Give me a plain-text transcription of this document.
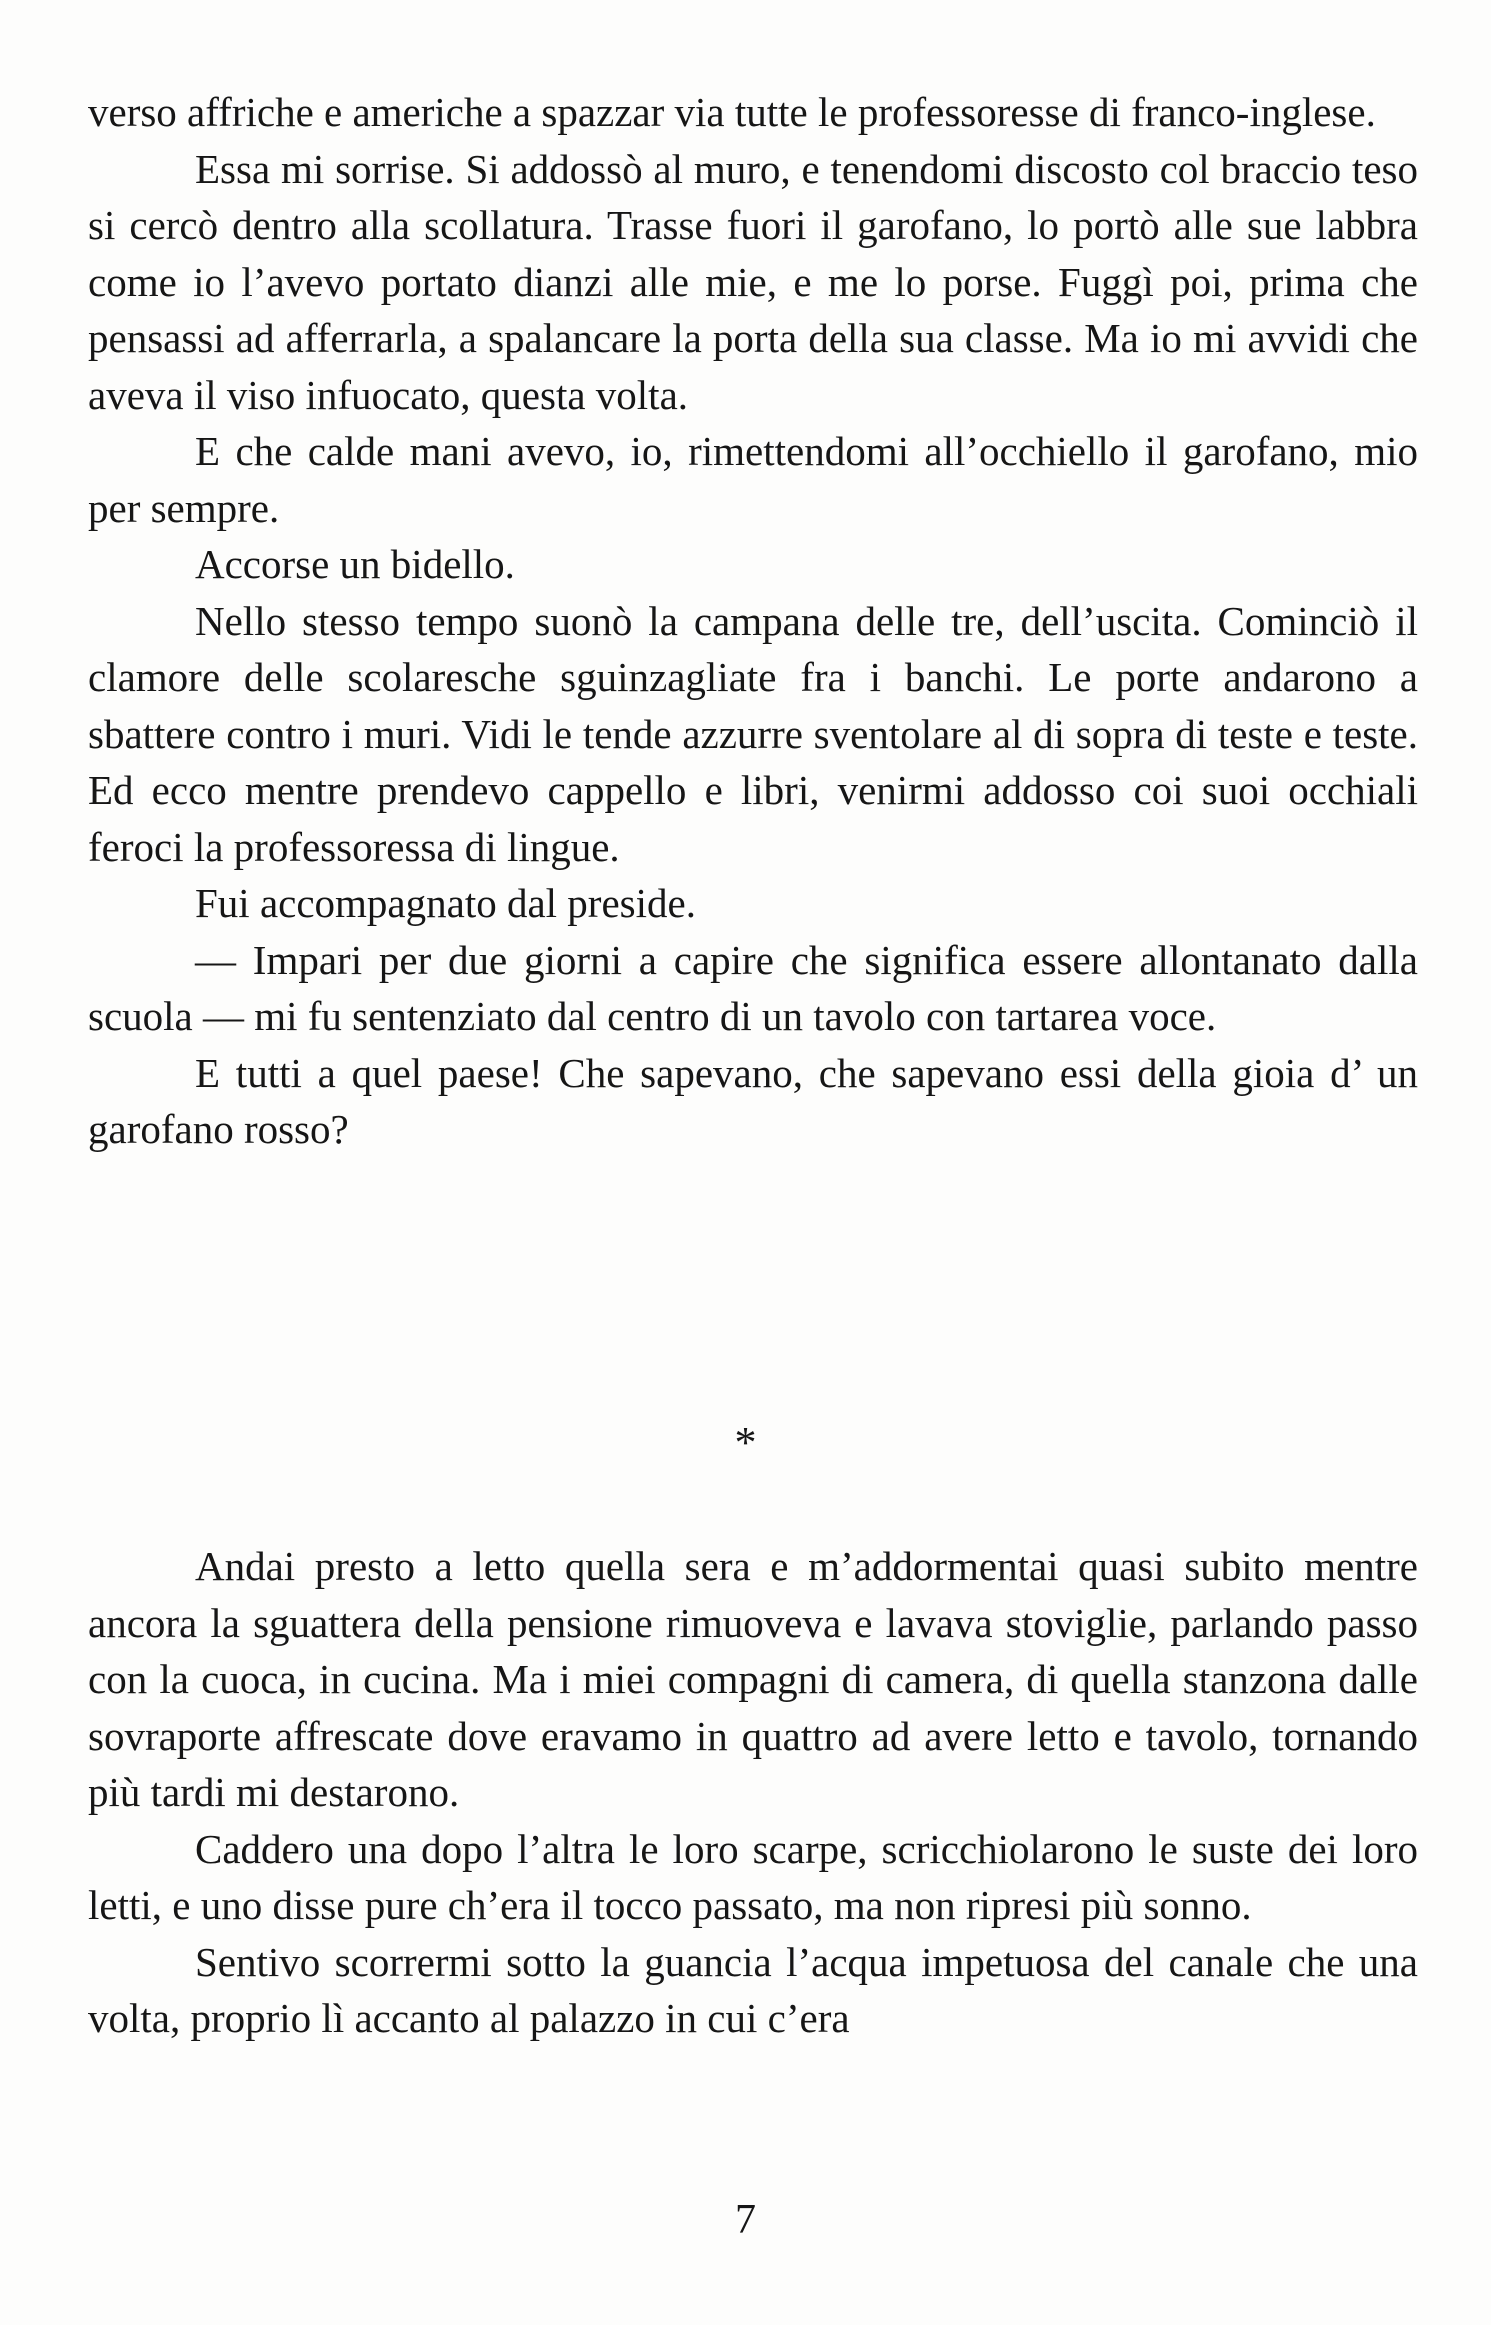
verso affriche e americhe a spazzar via tutte le professoresse di franco-inglese.

Essa mi sorrise. Si addossò al muro, e tenendomi discosto col braccio teso si cercò dentro alla scollatura. Trasse fuori il garofano, lo portò alle sue labbra come io l’avevo portato dianzi alle mie, e me lo porse. Fuggì poi, prima che pensassi ad afferrarla, a spalancare la porta della sua classe. Ma io mi avvidi che aveva il viso infuocato, questa volta.

E che calde mani avevo, io, rimettendomi all’occhiello il garofano, mio per sempre.

Accorse un bidello.

Nello stesso tempo suonò la campana delle tre, dell’uscita. Cominciò il clamore delle scolaresche sguinzagliate fra i banchi. Le porte andarono a sbattere contro i muri. Vidi le tende azzurre sventolare al di sopra di teste e teste. Ed ecco mentre prendevo cappello e libri, venirmi addosso coi suoi occhiali feroci la professoressa di lingue.

Fui accompagnato dal preside.

— Impari per due giorni a capire che significa essere allontanato dalla scuola — mi fu sentenziato dal centro di un tavolo con tartarea voce.

E tutti a quel paese! Che sapevano, che sapevano essi della gioia d’ un garofano rosso?

*

Andai presto a letto quella sera e m’addormentai quasi subito mentre ancora la sguattera della pensione rimuoveva e lavava stoviglie, parlando passo con la cuoca, in cucina. Ma i miei compagni di camera, di quella stanzona dalle sovraporte affrescate dove eravamo in quattro ad avere letto e tavolo, tornando più tardi mi destarono.

Caddero una dopo l’altra le loro scarpe, scricchiolarono le suste dei loro letti, e uno disse pure ch’era il tocco passato, ma non ripresi più sonno.

Sentivo scorrermi sotto la guancia l’acqua impetuosa del canale che una volta, proprio lì accanto al palazzo in cui c’era

7
